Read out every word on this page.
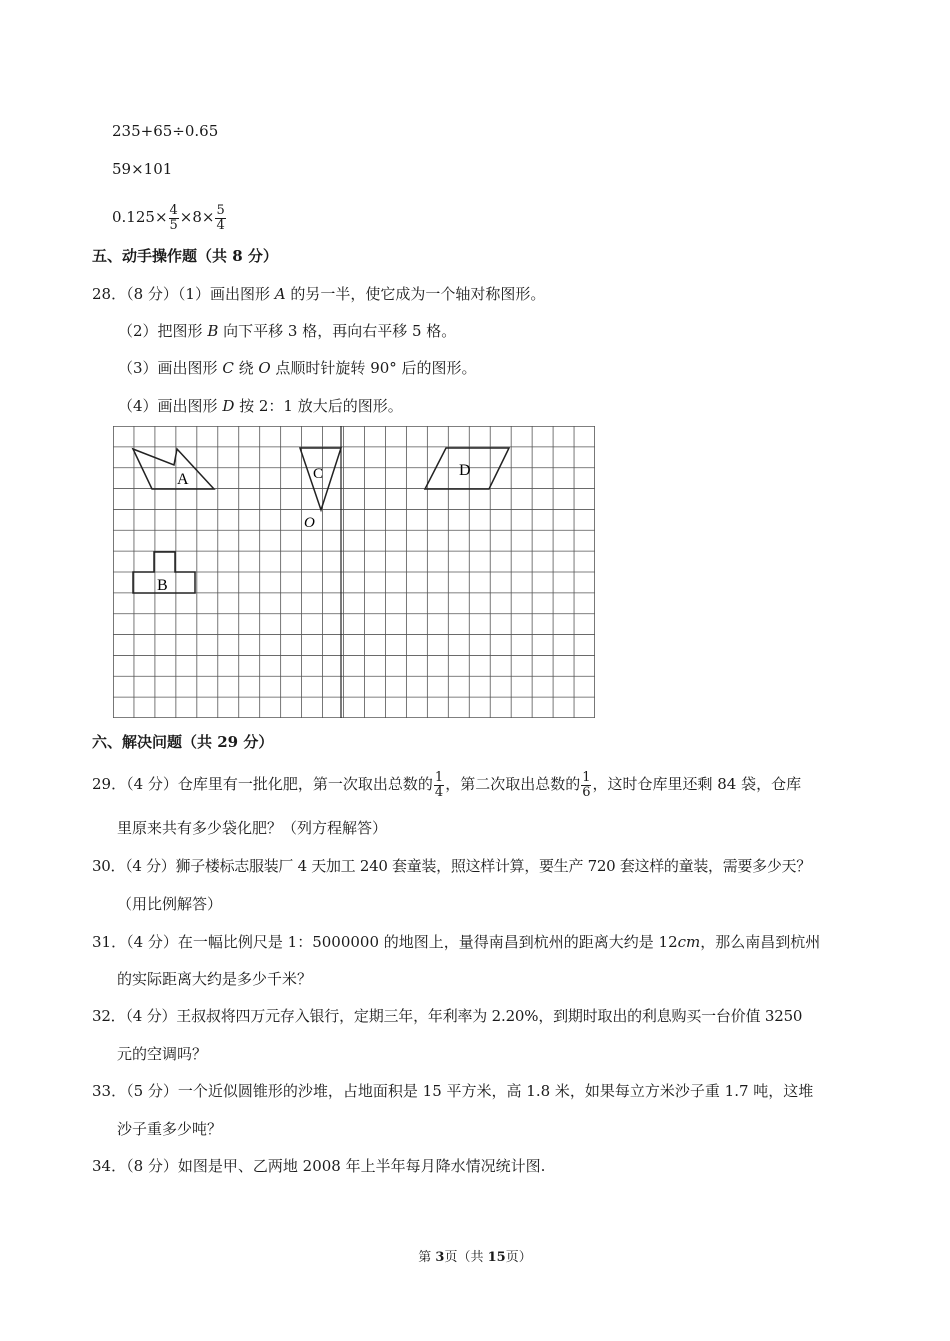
235+65÷0.65
59×101
$0.125\times \frac{4}{5} \times 8\times \frac{5}{4}$
五、动手操作题（共 8 分）
28．（8 分）（1）画出图形 A 的另一半，使它成为一个轴对称图形。
（2）把图形 B 向下平移 3 格，再向右平移 5 格。
（3）画出图形 C 绕 O 点顺时针旋转 90° 后的图形。
（4）画出图形 D 按 2：1 放大后的图形。
A	C	D
B
O
六、解决问题（共 29 分）
29．（4 分）仓库里有一批化肥，第一次取出总数的 $\frac{1}{4}$ ，第二次取出总数的 $\frac{1}{6}$ ，这时仓库里还剩 84 袋，仓库
里原来共有多少袋化肥？（列方程解答）
30．（4 分）狮子楼标志服装厂 4 天加工 240 套童装，照这样计算，要生产 720 套这样的童装，需要多少天？
（用比例解答）
31．（4 分）在一幅比例尺是 1：5000000 的地图上，量得南昌到杭州的距离大约是 12cm，那么南昌到杭州
的实际距离大约是多少千米？
32．（4 分）王叔叔将四万元存入银行，定期三年，年利率为 2.20%，到期时取出的利息购买一台价值 3250
元的空调吗？
33．（5 分）一个近似圆锥形的沙堆，占地面积是 15 平方米，高 1.8 米，如果每立方米沙子重 1.7 吨，这堆
沙子重多少吨？
34．（8 分）如图是甲、乙两地 2008 年上半年每月降水情况统计图.
第 3页（共 15页）
